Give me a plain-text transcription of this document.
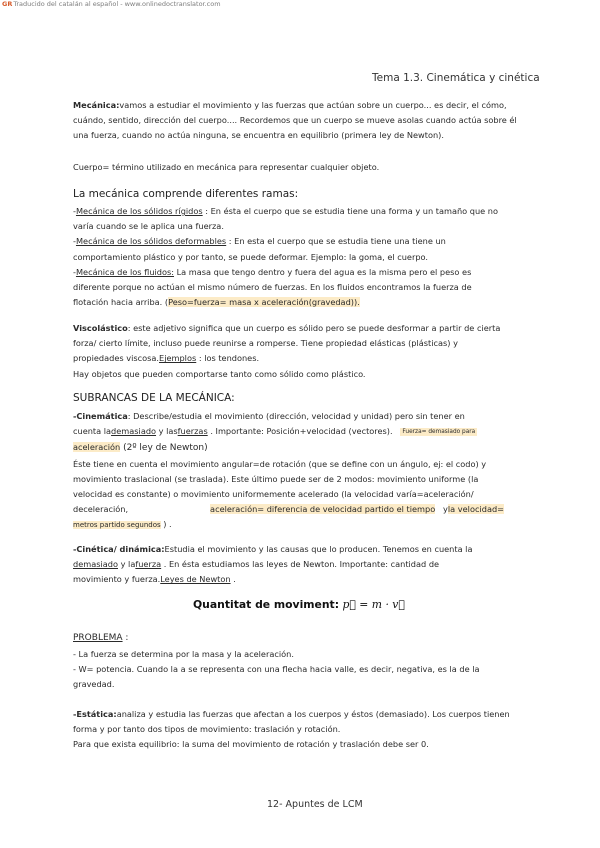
GRTraducido del catalán al español - www.onlinedoctranslator.com
Tema 1.3. Cinemática y cinética

Mecánica:vamos a estudiar el movimiento y las fuerzas que actúan sobre un cuerpo... es decir, el cómo,

cuándo, sentido, dirección del cuerpo.... Recordemos que un cuerpo se mueve asolas cuando actúa sobre él

una fuerza, cuando no actúa ninguna, se encuentra en equilibrio (primera ley de Newton).

Cuerpo= término utilizado en mecánica para representar cualquier objeto.

La mecánica comprende diferentes ramas:

-Mecánica de los sólidos rígidos : En ésta el cuerpo que se estudia tiene una forma y un tamaño que no

varía cuando se le aplica una fuerza.

-Mecánica de los sólidos deformables : En esta el cuerpo que se estudia tiene una tiene un

comportamiento plástico y por tanto, se puede deformar. Ejemplo: la goma, el cuerpo.

-Mecánica de los fluidos: La masa que tengo dentro y fuera del agua es la misma pero el peso es

diferente porque no actúan el mismo número de fuerzas. En los fluidos encontramos la fuerza de

flotación hacia arriba. (Peso=fuerza= masa x aceleración(gravedad)).

Viscolástico: este adjetivo significa que un cuerpo es sólido pero se puede desformar a partir de cierta

forza/ cierto límite, incluso puede reunirse a romperse. Tiene propiedad elásticas (plásticas) y

propiedades viscosa.Ejemplos : los tendones.

Hay objetos que pueden comportarse tanto como sólido como plástico.

SUBRANCAS DE LA MECÁNICA:

-Cinemática: Describe/estudia el movimiento (dirección, velocidad y unidad) pero sin tener en

cuenta lademasiado y lasfuerzas . Importante: Posición+velocidad (vectores). Fuerza= demasiado para

aceleración (2º ley de Newton)

Éste tiene en cuenta el movimiento angular=de rotación (que se define con un ángulo, ej: el codo) y

movimiento traslacional (se traslada). Este último puede ser de 2 modos: movimiento uniforme (la

velocidad es constante) o movimiento uniformemente acelerado (la velocidad varía=aceleración/

deceleración,	aceleración= diferencia de velocidad partido el tiempo yla velocidad=

metros partido segundos ) .

-Cinética/ dinámica:Estudia el movimiento y las causas que lo producen. Tenemos en cuenta la

demasiado y lafuerza . En ésta estudiamos las leyes de Newton. Importante: cantidad de

movimiento y fuerza.Leyes de Newton .

Quantitat de moviment: p⃗ = m · v⃗

PROBLEMA :

- La fuerza se determina por la masa y la aceleración.

- W= potencia. Cuando la a se representa con una flecha hacia valle, es decir, negativa, es la de la

gravedad.

-Estática:analiza y estudia las fuerzas que afectan a los cuerpos y éstos (demasiado). Los cuerpos tienen

forma y por tanto dos tipos de movimiento: traslación y rotación.

Para que exista equilibrio: la suma del movimiento de rotación y traslación debe ser 0.

12- Apuntes de LCM
